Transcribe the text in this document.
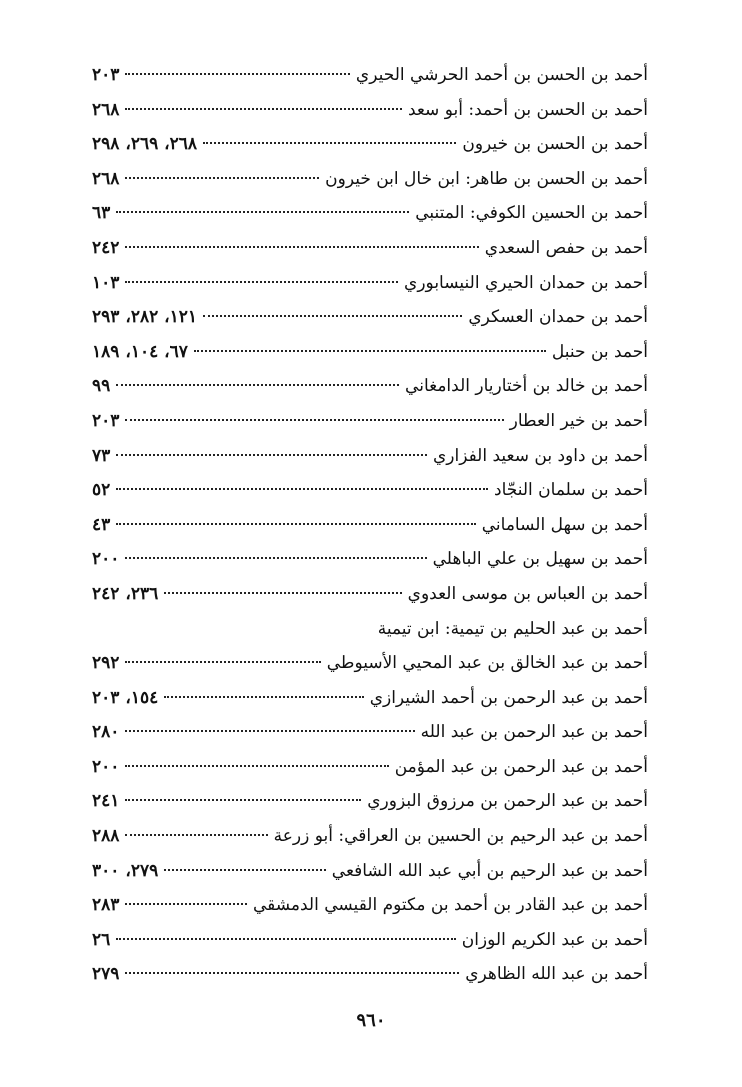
أحمد بن الحسن بن أحمد الحرشي الحيري
٢٠٣
أحمد بن الحسن بن أحمد: أبو سعد
٢٦٨
أحمد بن الحسن بن خيرون
٢٦٨، ٢٦٩، ٢٩٨
أحمد بن الحسن بن طاهر: ابن خال ابن خيرون
٢٦٨
أحمد بن الحسين الكوفي: المتنبي
٦٣
أحمد بن حفص السعدي
٢٤٢
أحمد بن حمدان الحيري النيسابوري
١٠٣
أحمد بن حمدان العسكري
١٢١، ٢٨٢، ٢٩٣
أحمد بن حنبل
٦٧، ١٠٤، ١٨٩
أحمد بن خالد بن أختاريار الدامغاني
٩٩
أحمد بن خير العطار
٢٠٣
أحمد بن داود بن سعيد الفزاري
٧٣
أحمد بن سلمان النجّاد
٥٢
أحمد بن سهل الساماني
٤٣
أحمد بن سهيل بن علي الباهلي
٢٠٠
أحمد بن العباس بن موسى العدوي
٢٣٦، ٢٤٢
أحمد بن عبد الحليم بن تيمية: ابن تيمية
أحمد بن عبد الخالق بن عبد المحيي الأسيوطي
٢٩٢
أحمد بن عبد الرحمن بن أحمد الشيرازي
١٥٤، ٢٠٣
أحمد بن عبد الرحمن بن عبد الله
٢٨٠
أحمد بن عبد الرحمن بن عبد المؤمن
٢٠٠
أحمد بن عبد الرحمن بن مرزوق البزوري
٢٤١
أحمد بن عبد الرحيم بن الحسين بن العراقي: أبو زرعة
٢٨٨
أحمد بن عبد الرحيم بن أبي عبد الله الشافعي
٢٧٩، ٣٠٠
أحمد بن عبد القادر بن أحمد بن مكتوم القيسي الدمشقي
٢٨٣
أحمد بن عبد الكريم الوزان
٢٦
أحمد بن عبد الله الظاهري
٢٧٩
٩٦٠
